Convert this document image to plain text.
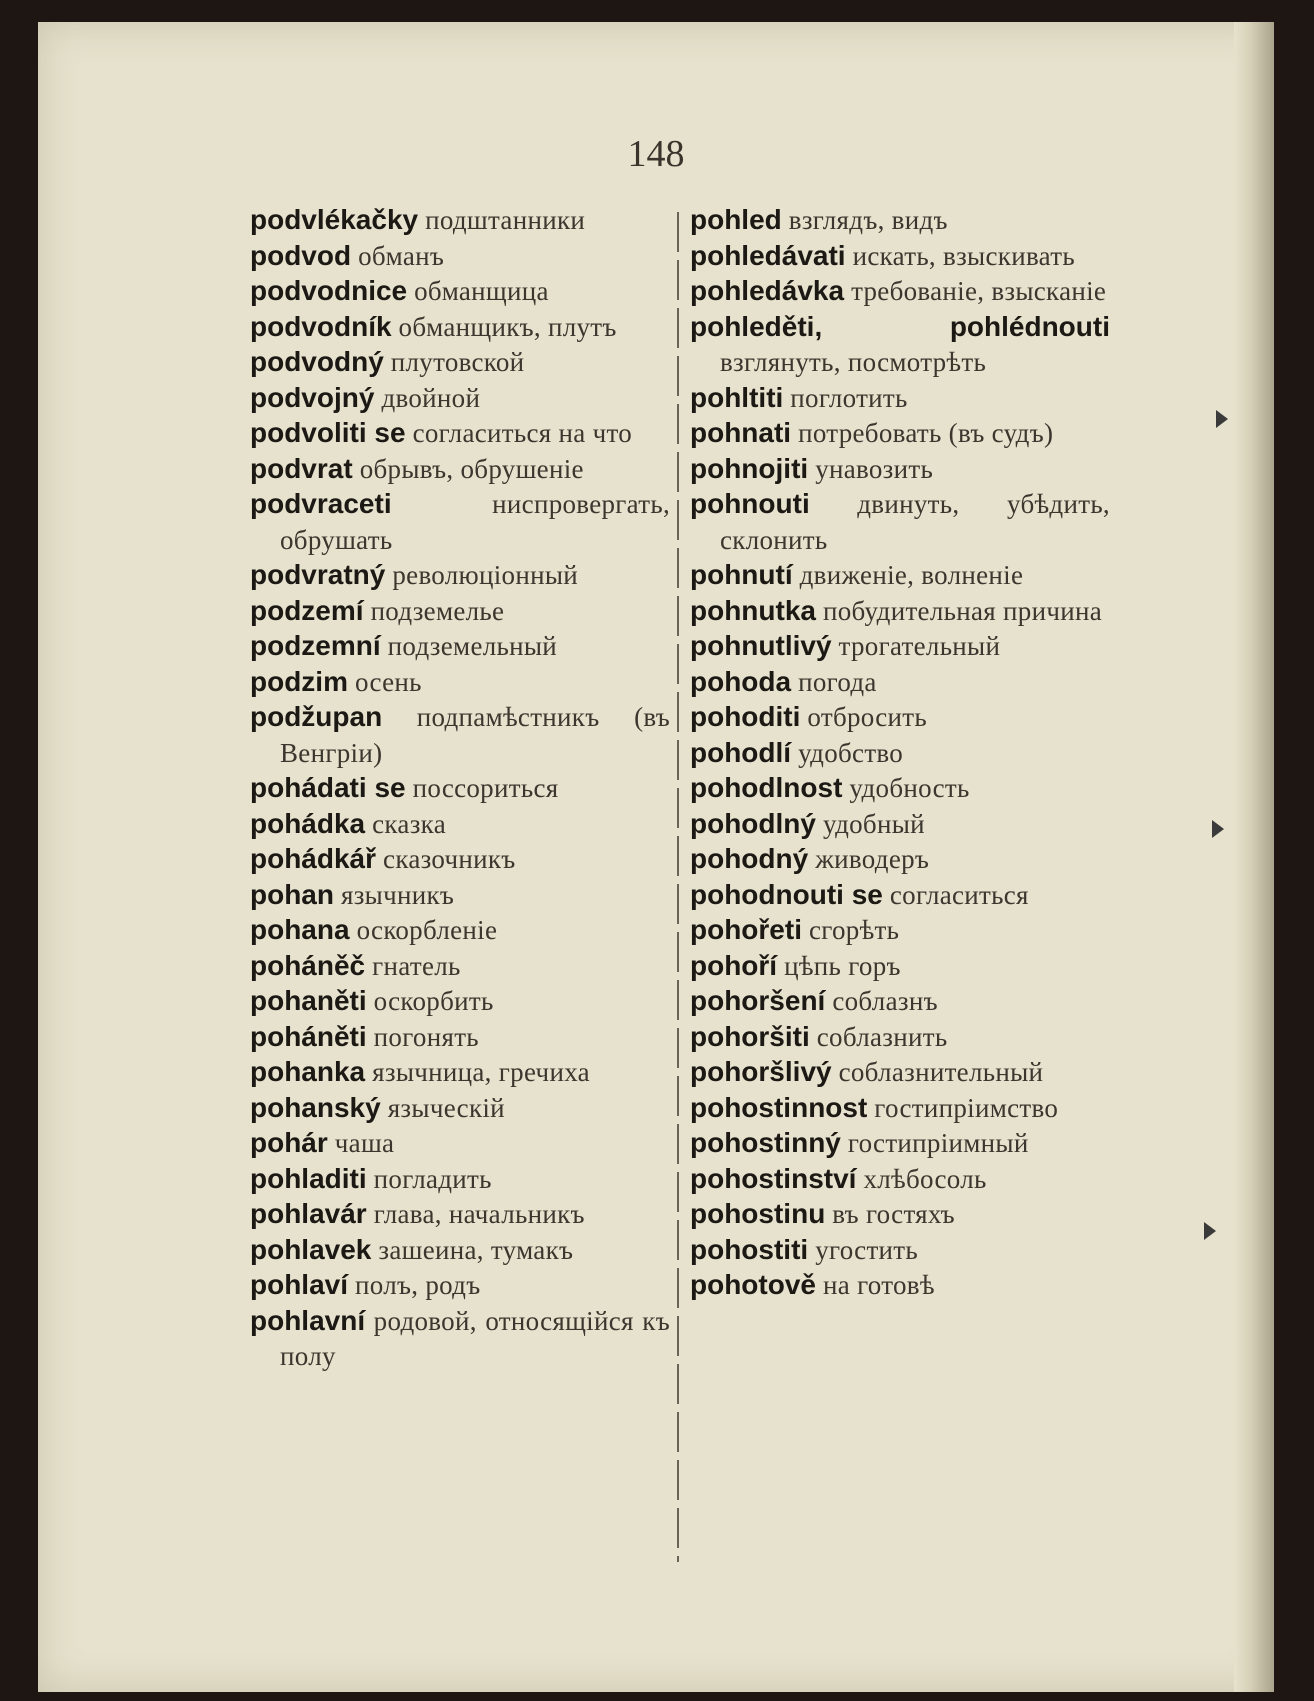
148
podvlékačky подштанники
podvod обманъ
podvodnice обманщица
podvodník обманщикъ, плутъ
podvodný плутовской
podvojný двойной
podvoliti se согласиться на что
podvrat обрывъ, обрушеніе
podvraceti	ниспровергать, обрушать
podvratný революціонный
podzemí подземелье
podzemní подземельный
podzim осень
podžupan подпамѣстникъ (въ Венгріи)
pohádati se поссориться
pohádka сказка
pohádkář сказочникъ
pohan язычникъ
pohana оскорбленіе
poháněč гнатель
pohaněti оскорбить
poháněti погонять
pohanka язычница, гречиха
pohanský языческій
pohár чаша
pohladiti погладить
pohlavár глава, начальникъ
pohlavek зашеина, тумакъ
pohlaví полъ, родъ
pohlavní родовой, относящійся къ полу
pohled взглядъ, видъ
pohledávati искать, взыскивать
pohledávka требованіе, взысканіе
pohleděti, pohlédnouti взглянуть, посмотрѣть
pohltiti поглотить
pohnati потребовать (въ судъ)
pohnojiti унавозить
pohnouti двинуть, убѣдить, склонить
pohnutí движеніе, волненіе
pohnutka побудительная причина
pohnutlivý трогательный
pohoda погода
pohoditi отбросить
pohodlí удобство
pohodlnost удобность
pohodlný удобный
pohodný живодеръ
pohodnouti se согласиться
pohořeti сгорѣть
pohoří цѣпь горъ
pohoršení соблазнъ
pohoršiti соблазнить
pohoršlivý соблазнительный
pohostinnost гостипріимство
pohostinný гостипріимный
pohostinství хлѣбосоль
pohostinu въ гостяхъ
pohostiti угостить
pohotově на готовѣ
